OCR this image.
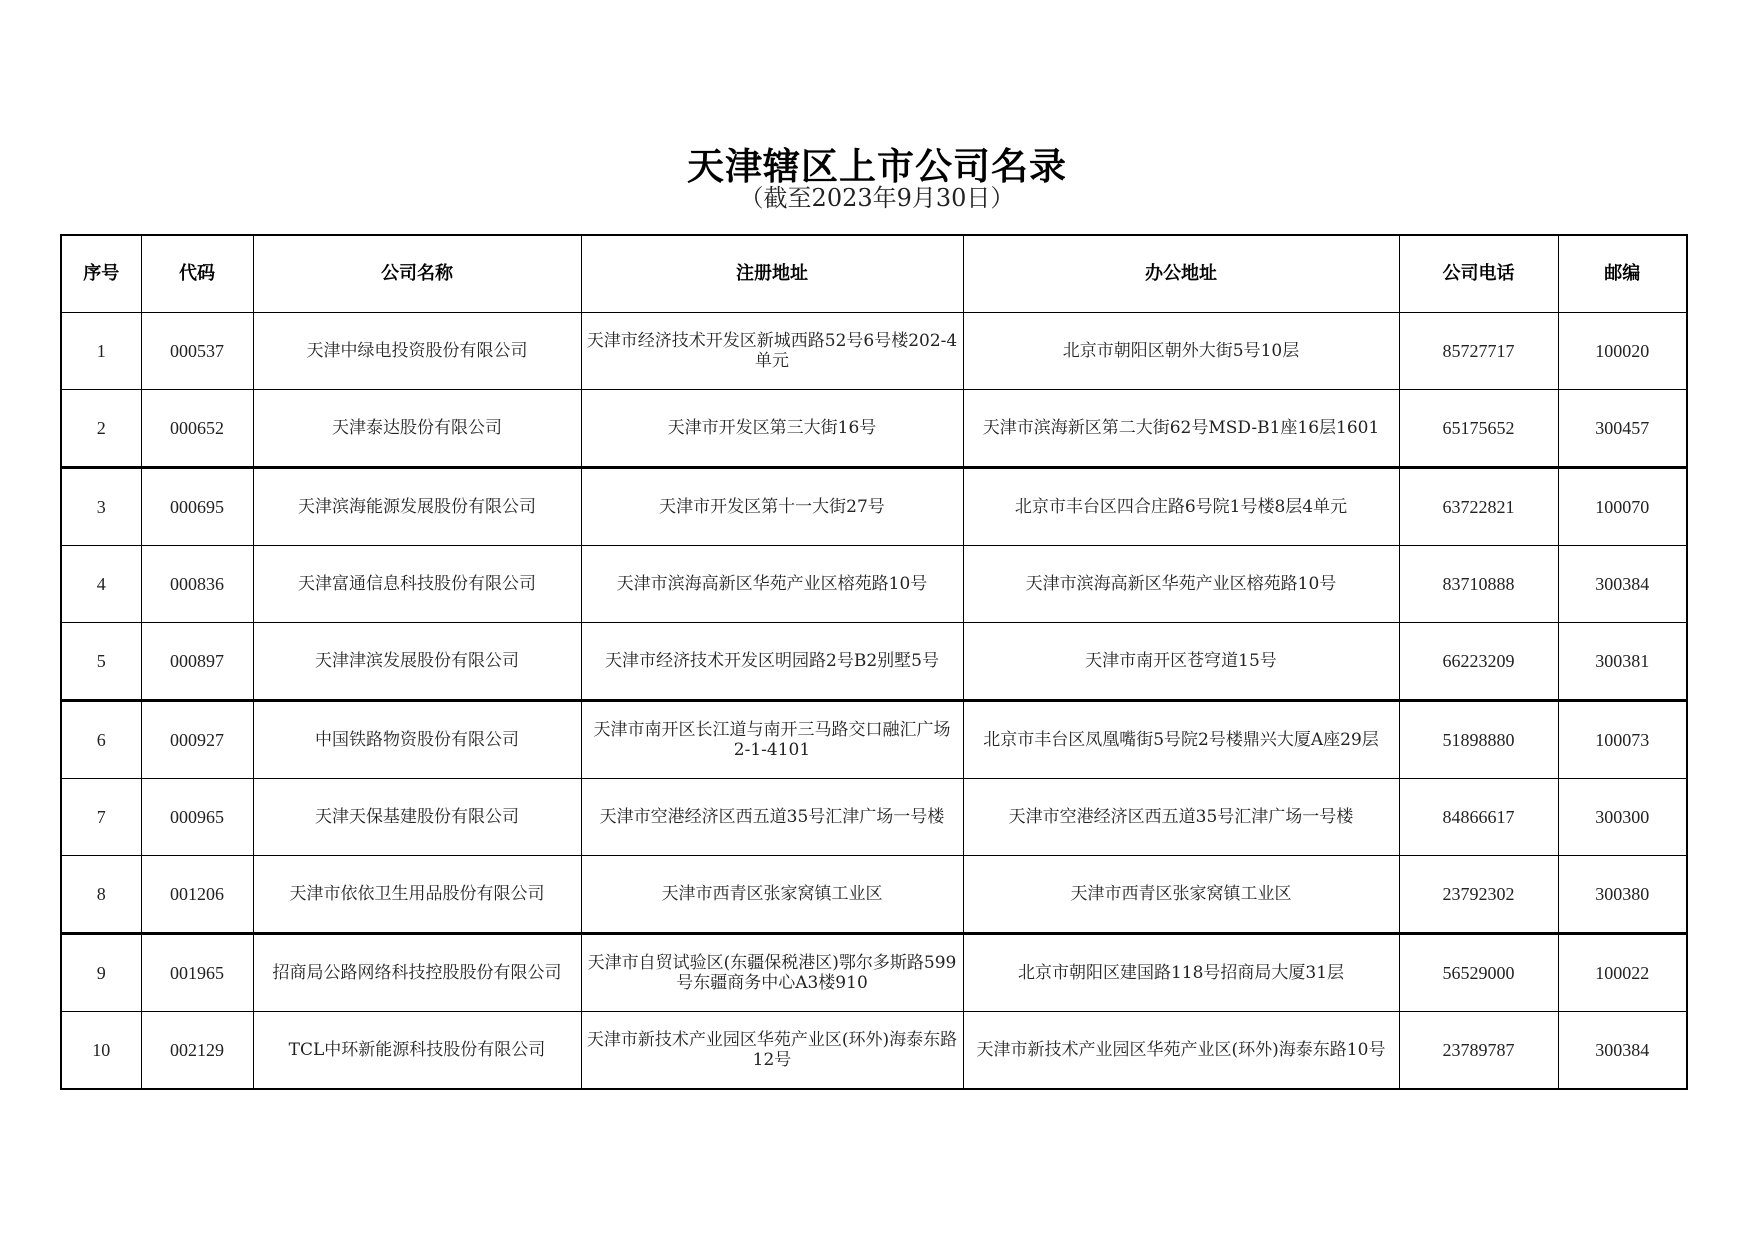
天津辖区上市公司名录
（截至2023年9月30日）
序号	代码	公司名称	注册地址	办公地址	公司电话	邮编
1	000537	天津中绿电投资股份有限公司	天津市经济技术开发区新城西路52号6号楼202-4单元	北京市朝阳区朝外大街5号10层	85727717	100020
2	000652	天津泰达股份有限公司	天津市开发区第三大街16号	天津市滨海新区第二大街62号MSD-B1座16层1601	65175652	300457
3	000695	天津滨海能源发展股份有限公司	天津市开发区第十一大街27号	北京市丰台区四合庄路6号院1号楼8层4单元	63722821	100070
4	000836	天津富通信息科技股份有限公司	天津市滨海高新区华苑产业区榕苑路10号	天津市滨海高新区华苑产业区榕苑路10号	83710888	300384
5	000897	天津津滨发展股份有限公司	天津市经济技术开发区明园路2号B2别墅5号	天津市南开区苍穹道15号	66223209	300381
6	000927	中国铁路物资股份有限公司	天津市南开区长江道与南开三马路交口融汇广场2-1-4101	北京市丰台区凤凰嘴街5号院2号楼鼎兴大厦A座29层	51898880	100073
7	000965	天津天保基建股份有限公司	天津市空港经济区西五道35号汇津广场一号楼	天津市空港经济区西五道35号汇津广场一号楼	84866617	300300
8	001206	天津市依依卫生用品股份有限公司	天津市西青区张家窝镇工业区	天津市西青区张家窝镇工业区	23792302	300380
9	001965	招商局公路网络科技控股股份有限公司	天津市自贸试验区(东疆保税港区)鄂尔多斯路599号东疆商务中心A3楼910	北京市朝阳区建国路118号招商局大厦31层	56529000	100022
10	002129	TCL中环新能源科技股份有限公司	天津市新技术产业园区华苑产业区(环外)海泰东路12号	天津市新技术产业园区华苑产业区(环外)海泰东路10号	23789787	300384
